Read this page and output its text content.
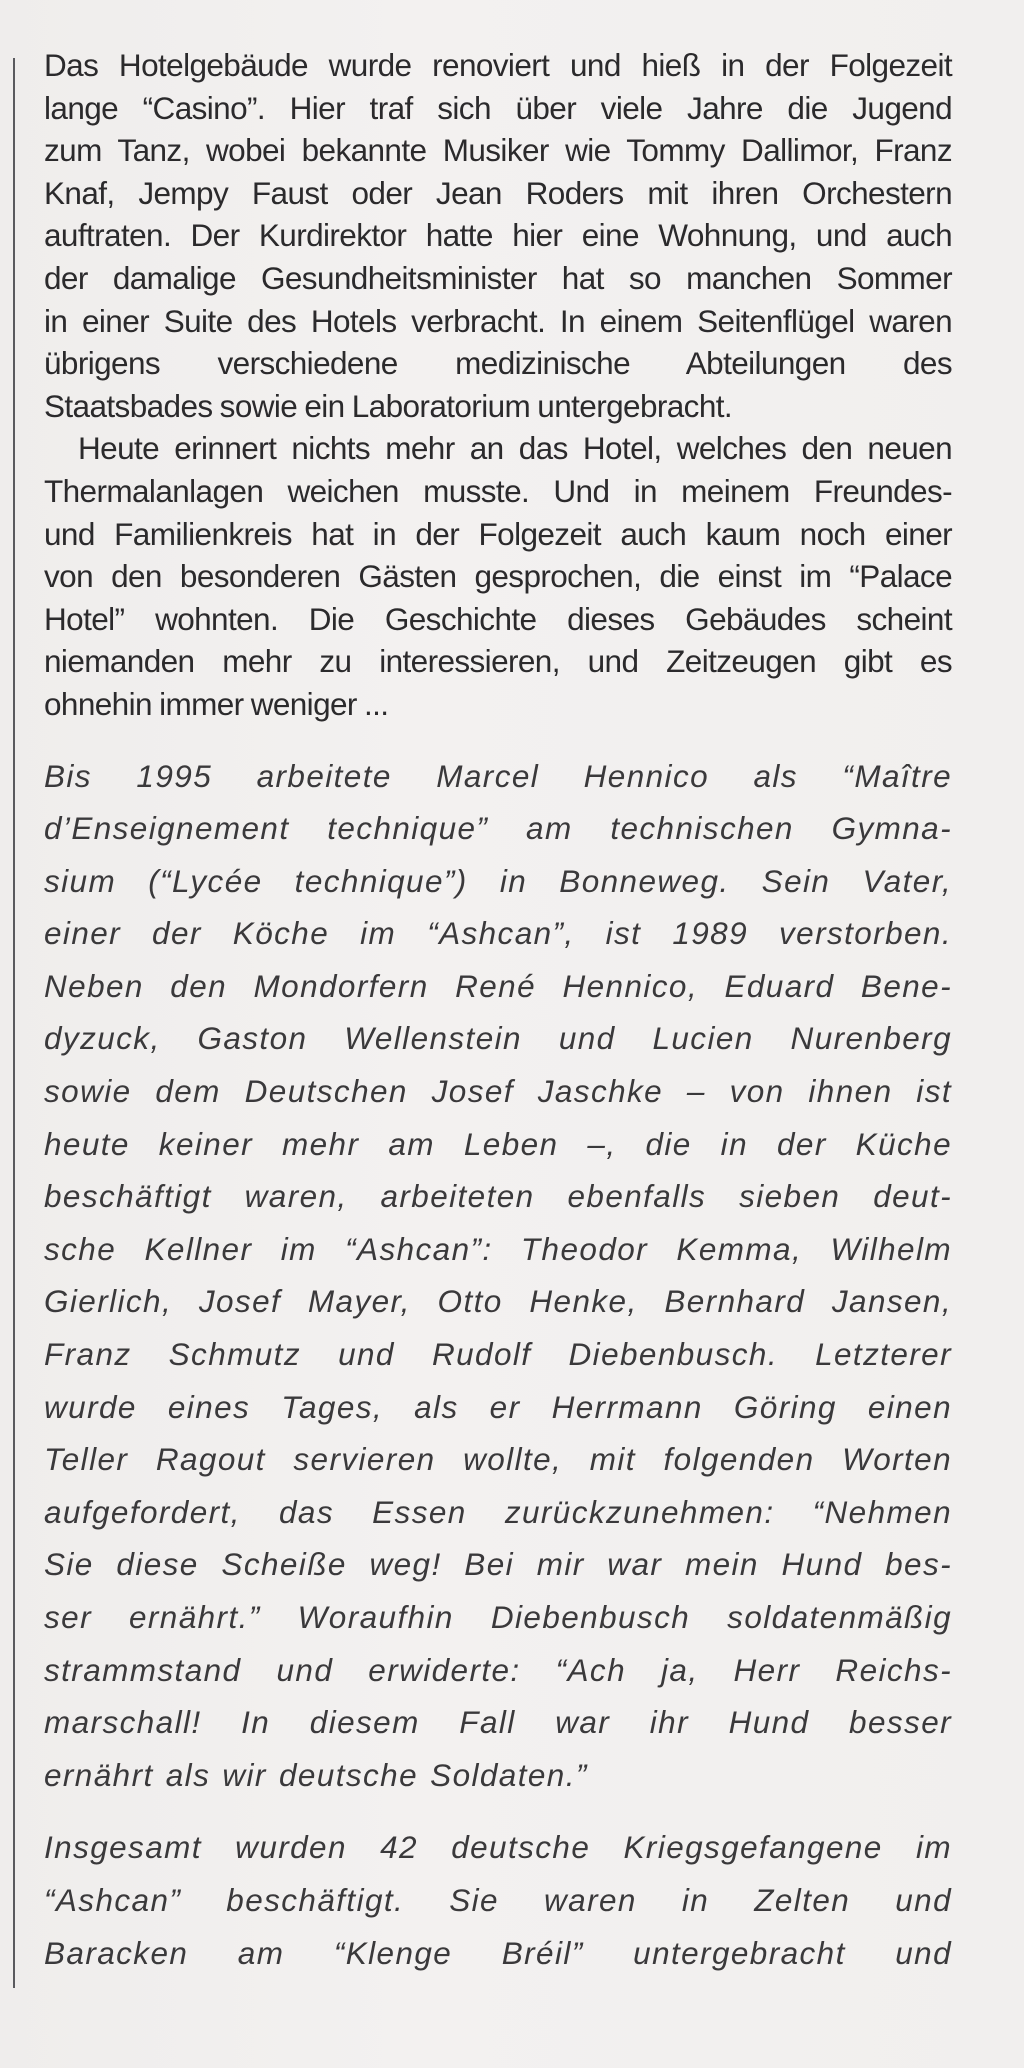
Das Hotelgebäude wurde renoviert und hieß in der Folgezeit
lange “Casino”. Hier traf sich über viele Jahre die Jugend
zum Tanz, wobei bekannte Musiker wie Tommy Dallimor, Franz
Knaf, Jempy Faust oder Jean Roders mit ihren Orchestern
auftraten. Der Kurdirektor hatte hier eine Wohnung, und auch
der damalige Gesundheitsminister hat so manchen Sommer
in einer Suite des Hotels verbracht. In einem Seitenflügel waren
übrigens verschiedene medizinische Abteilungen des
Staatsbades sowie ein Laboratorium untergebracht.

Heute erinnert nichts mehr an das Hotel, welches den neuen
Thermalanlagen weichen musste. Und in meinem Freundes-
und Familienkreis hat in der Folgezeit auch kaum noch einer
von den besonderen Gästen gesprochen, die einst im “Palace
Hotel” wohnten. Die Geschichte dieses Gebäudes scheint
niemanden mehr zu interessieren, und Zeitzeugen gibt es
ohnehin immer weniger ...

Bis 1995 arbeitete Marcel Hennico als “Maître
d’Enseignement technique” am technischen Gymna-
sium (“Lycée technique”) in Bonneweg. Sein Vater,
einer der Köche im “Ashcan”, ist 1989 verstorben.
Neben den Mondorfern René Hennico, Eduard Bene-
dyzuck, Gaston Wellenstein und Lucien Nurenberg
sowie dem Deutschen Josef Jaschke – von ihnen ist
heute keiner mehr am Leben –, die in der Küche
beschäftigt waren, arbeiteten ebenfalls sieben deut-
sche Kellner im “Ashcan”: Theodor Kemma, Wilhelm
Gierlich, Josef Mayer, Otto Henke, Bernhard Jansen,
Franz Schmutz und Rudolf Diebenbusch. Letzterer
wurde eines Tages, als er Herrmann Göring einen
Teller Ragout servieren wollte, mit folgenden Worten
aufgefordert, das Essen zurückzunehmen: “Nehmen
Sie diese Scheiße weg! Bei mir war mein Hund bes-
ser ernährt.” Woraufhin Diebenbusch soldatenmäßig
strammstand und erwiderte: “Ach ja, Herr Reichs-
marschall! In diesem Fall war ihr Hund besser
ernährt als wir deutsche Soldaten.”

Insgesamt wurden 42 deutsche Kriegsgefangene im
“Ashcan” beschäftigt. Sie waren in Zelten und
Baracken am “Klenge Bréil” untergebracht und
